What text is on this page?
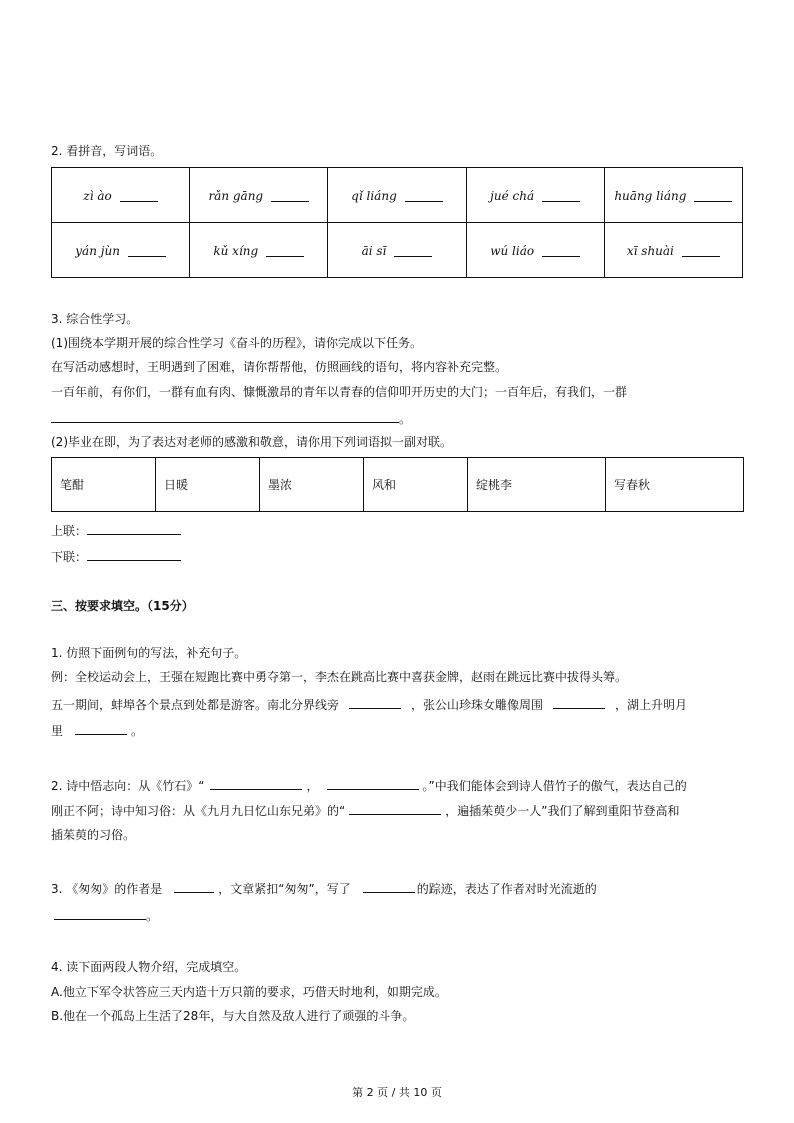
2. 看拼音，写词语。
zì ào	rǎn gāng	qǐ liáng	jué chá	huāng liáng
yán jùn	kǔ xíng	āi sī	wú liáo	xī shuài
3. 综合性学习。
(1)围绕本学期开展的综合性学习《奋斗的历程》，请你完成以下任务。
在写活动感想时，王明遇到了困难，请你帮帮他，仿照画线的语句，将内容补充完整。
一百年前，有你们，一群有血有肉、慷慨激昂的青年以青春的信仰叩开历史的大门；一百年后，有我们，一群
。
(2)毕业在即，为了表达对老师的感激和敬意，请你用下列词语拟一副对联。
笔酣	日暖	墨浓	风和	绽桃李	写春秋
上联：
下联：
三、按要求填空。（15分）
1. 仿照下面例句的写法，补充句子。
例：全校运动会上，王强在短跑比赛中勇夺第一，李杰在跳高比赛中喜获金牌，赵雨在跳远比赛中拔得头筹。
五一期间，蚌埠各个景点到处都是游客。南北分界线旁	，张公山珍珠女雕像周围	，湖上升明月
里	。
2. 诗中悟志向：从《竹石》“	，	。”中我们能体会到诗人借竹子的傲气，表达自己的
刚正不阿；诗中知习俗：从《九月九日忆山东兄弟》的“	，遍插茱萸少一人”我们了解到重阳节登高和
插茱萸的习俗。
3. 《匆匆》的作者是	，文章紧扣“匆匆”，写了	的踪迹，表达了作者对时光流逝的
。
4. 读下面两段人物介绍，完成填空。
A.他立下军令状答应三天内造十万只箭的要求，巧借天时地利，如期完成。
B.他在一个孤岛上生活了28年，与大自然及敌人进行了顽强的斗争。
第 2 页 / 共 10 页
